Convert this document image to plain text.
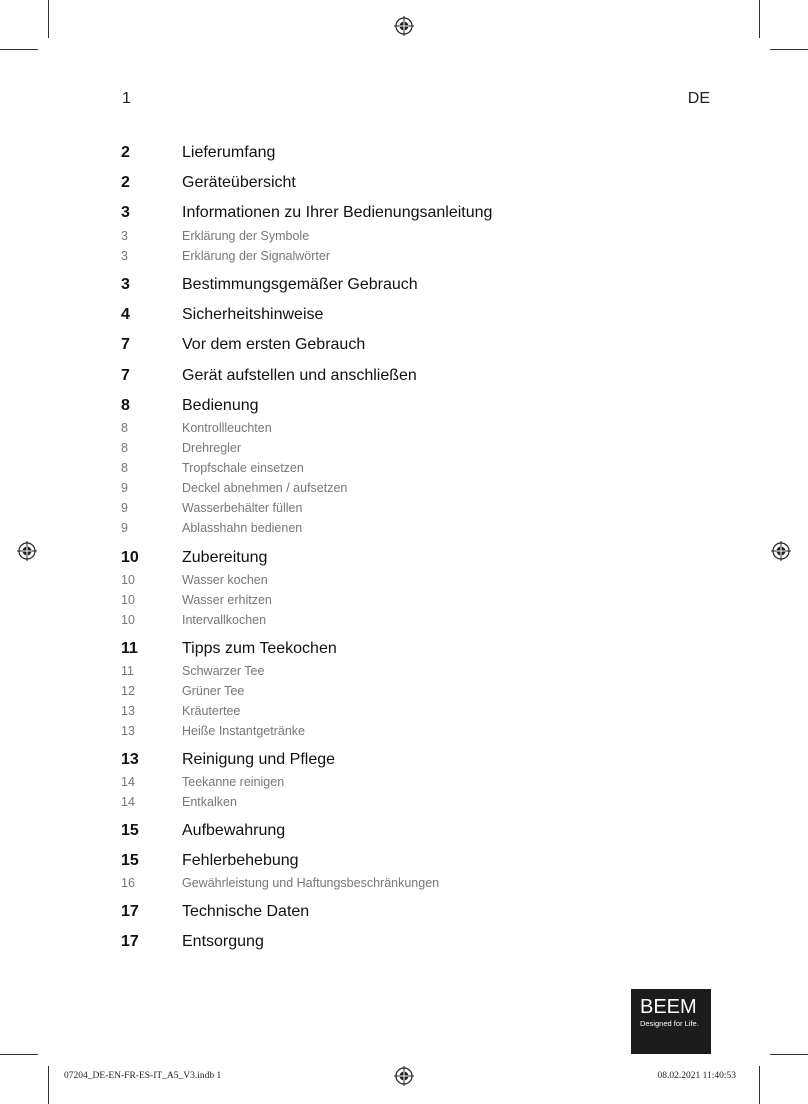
1	DE
2	Lieferumfang
2	Geräteübersicht
3	Informationen zu Ihrer Bedienungsanleitung
3	Erklärung der Symbole
3	Erklärung der Signalwörter
3	Bestimmungsgemäßer Gebrauch
4	Sicherheitshinweise
7	Vor dem ersten Gebrauch
7	Gerät aufstellen und anschließen
8	Bedienung
8	Kontrollleuchten
8	Drehregler
8	Tropfschale einsetzen
9	Deckel abnehmen / aufsetzen
9	Wasserbehälter füllen
9	Ablasshahn bedienen
10	Zubereitung
10	Wasser kochen
10	Wasser erhitzen
10	Intervallkochen
11	Tipps zum Teekochen
11	Schwarzer Tee
12	Grüner Tee
13	Kräutertee
13	Heiße Instantgetränke
13	Reinigung und Pflege
14	Teekanne reinigen
14	Entkalken
15	Aufbewahrung
15	Fehlerbehebung
16	Gewährleistung und Haftungsbeschränkungen
17	Technische Daten
17	Entsorgung
BEEM
Designed for Life.
07204_DE-EN-FR-ES-IT_A5_V3.indb 1	08.02.2021 11:40:53
